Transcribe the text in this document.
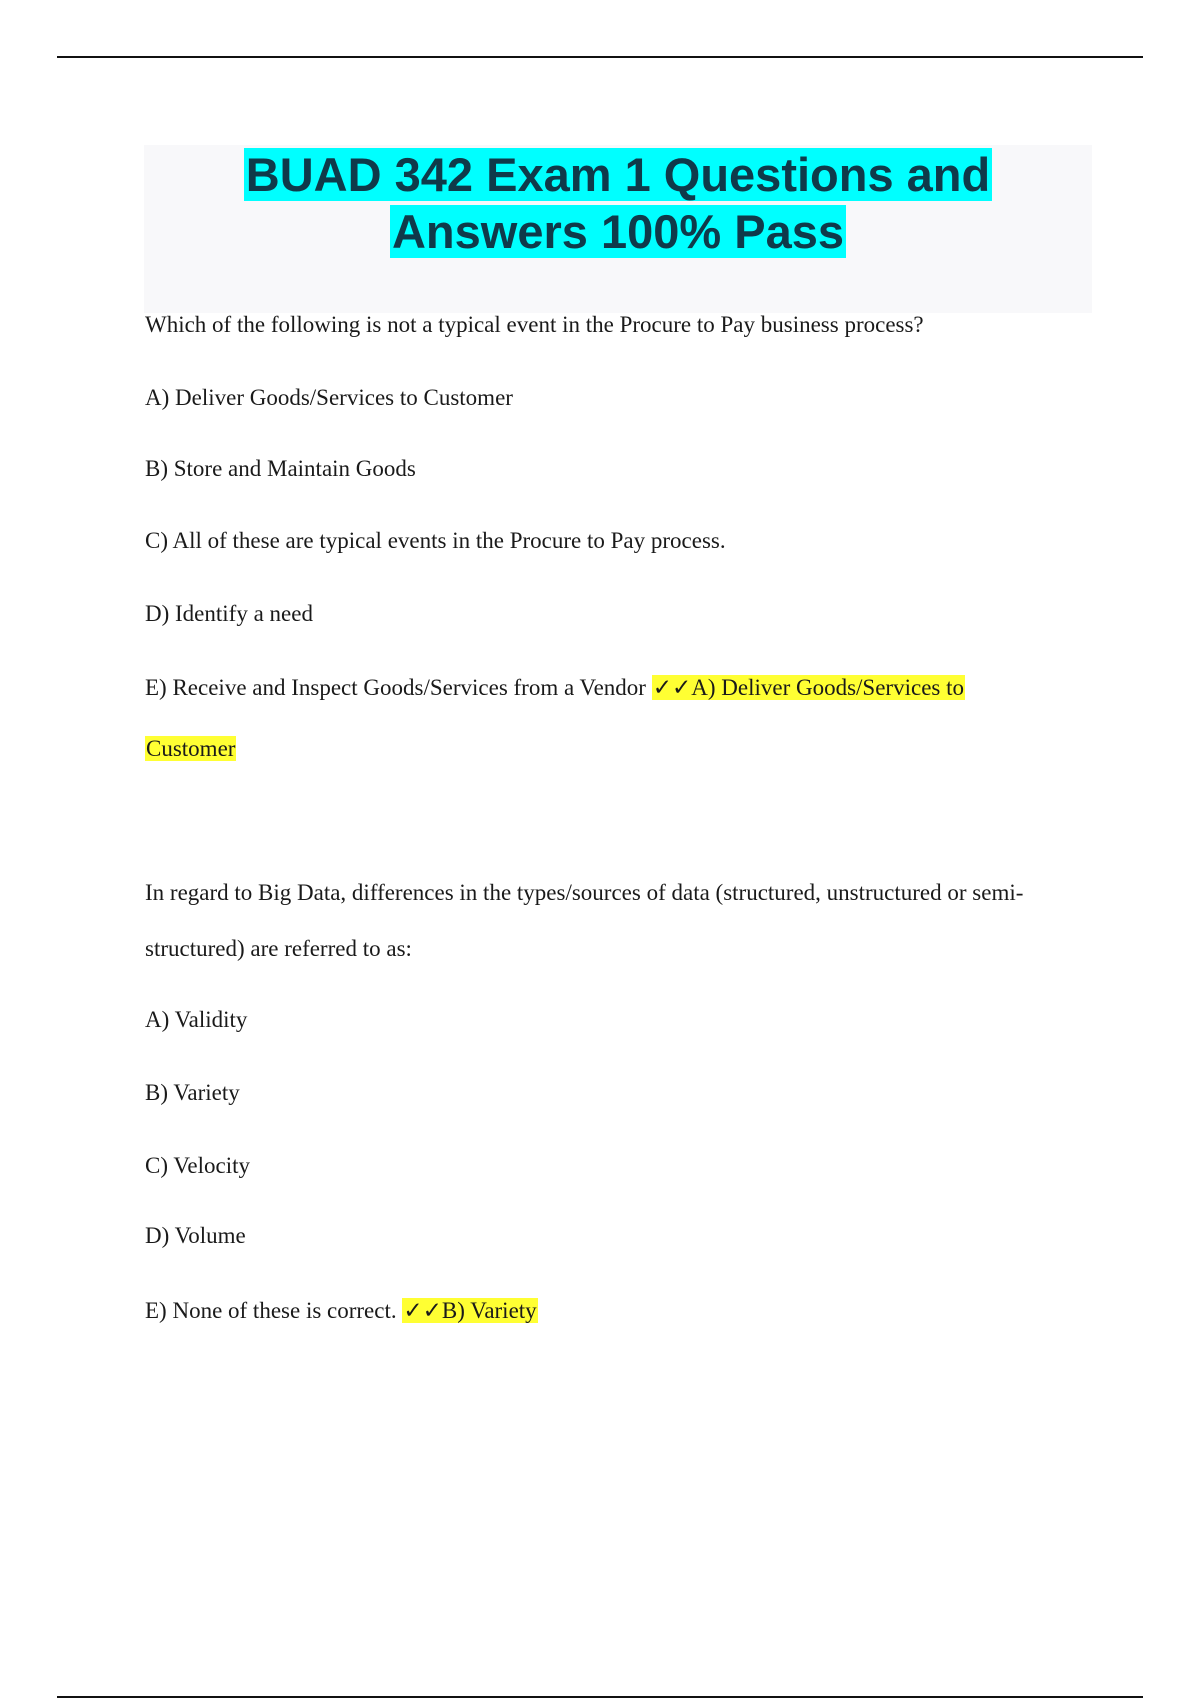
BUAD 342 Exam 1 Questions and
Answers 100% Pass
Which of the following is not a typical event in the Procure to Pay business process?
A) Deliver Goods/Services to Customer
B) Store and Maintain Goods
C) All of these are typical events in the Procure to Pay process.
D) Identify a need
E) Receive and Inspect Goods/Services from a Vendor ✓✓A) Deliver Goods/Services to
Customer
In regard to Big Data, differences in the types/sources of data (structured, unstructured or semi-
structured) are referred to as:
A) Validity
B) Variety
C) Velocity
D) Volume
E) None of these is correct. ✓✓B) Variety
